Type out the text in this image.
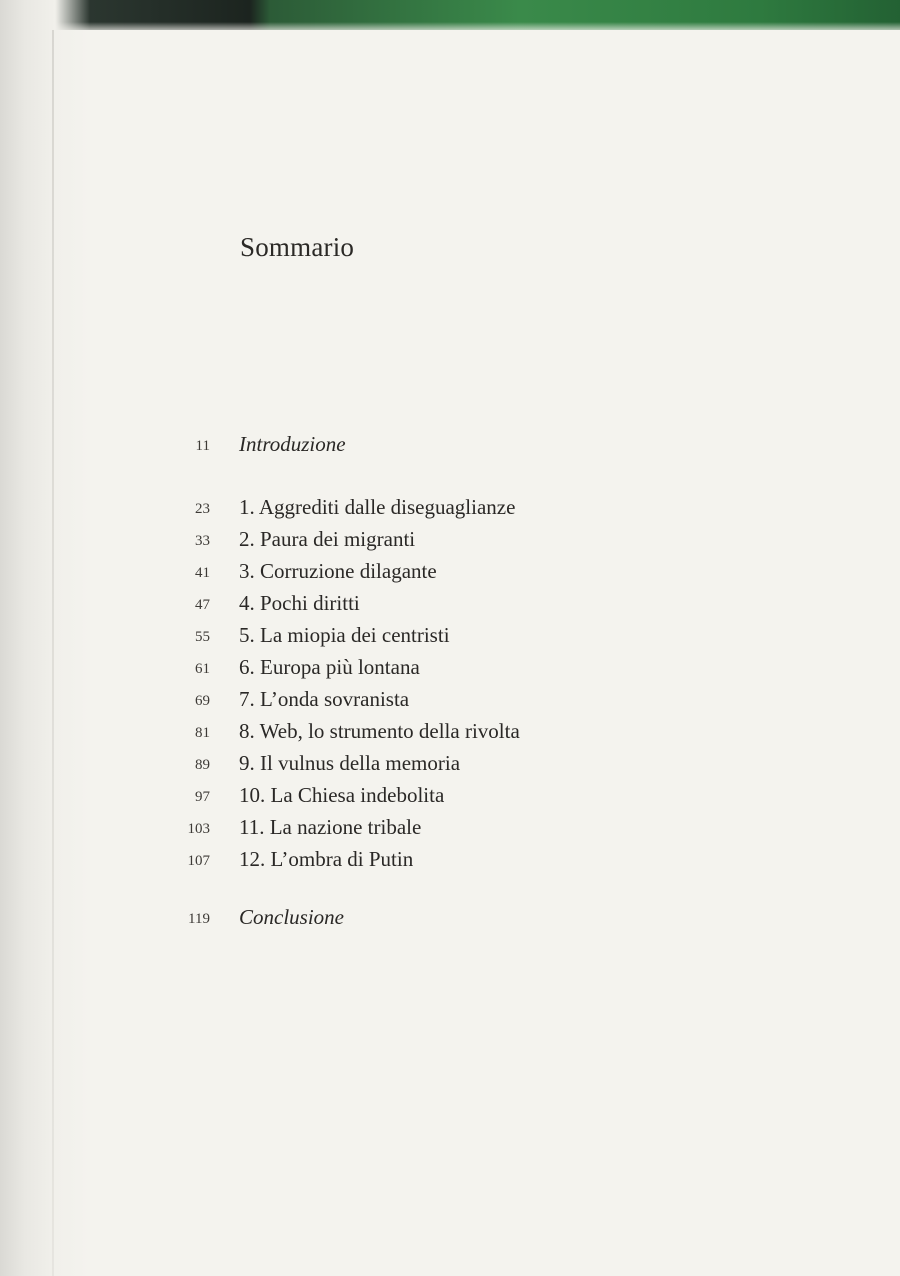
Sommario
11 Introduzione
23 1. Aggrediti dalle diseguaglianze
33 2. Paura dei migranti
41 3. Corruzione dilagante
47 4. Pochi diritti
55 5. La miopia dei centristi
61 6. Europa più lontana
69 7. L’onda sovranista
81 8. Web, lo strumento della rivolta
89 9. Il vulnus della memoria
97 10. La Chiesa indebolita
103 11. La nazione tribale
107 12. L’ombra di Putin
119 Conclusione
